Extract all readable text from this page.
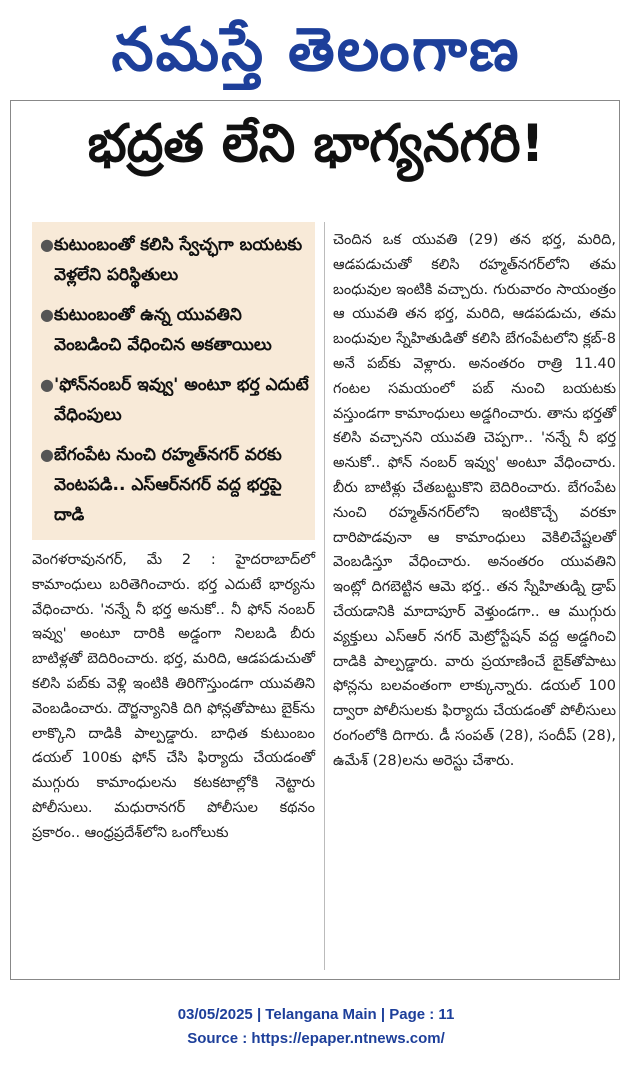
నమస్తే తెలంగాణ
భద్రత లేని భాగ్యనగరి!
● కుటుంబంతో కలిసి స్వేచ్ఛగా బయటకు వెళ్లలేని పరిస్థితులు
● కుటుంబంతో ఉన్న యువతిని వెంబడించి వేధించిన అకతాయిలు
● 'ఫోన్‌నంబర్ ఇవ్వు' అంటూ భర్త ఎదుటే వేధింపులు
● బేగంపేట నుంచి రహ్మత్‌నగర్ వరకు వెంటపడి.. ఎస్‌ఆర్‌నగర్ వద్ద భర్తపై దాడి

వెంగళరావునగర్, మే 2 : హైదరాబాద్‌లో కామాంధులు బరితెగించారు. భర్త ఎదుటే భార్యను వేధించారు. 'నన్నే నీ భర్త అనుకో.. నీ ఫోన్ నంబర్ ఇవ్వు' అంటూ దారికి అడ్డంగా నిలబడి బీరు బాటిళ్లతో బెదిరించారు. భర్త, మరిది, ఆడపడుచుతో కలిసి పబ్‌కు వెళ్లి ఇంటికి తిరిగొస్తుండగా యువతిని వెంబడించారు. దౌర్జన్యానికి దిగి ఫోన్లతోపాటు బైక్‌ను లాక్కొని దాడికి పాల్పడ్డారు. బాధిత కుటుంబం డయల్ 100కు ఫోన్ చేసి ఫిర్యాదు చేయడంతో ముగ్గురు కామాంధులను కటకటాల్లోకి నెట్టారు పోలీసులు. మధురానగర్ పోలీసుల కథనం ప్రకారం.. ఆంధ్రప్రదేశ్‌లోని ఒంగోలుకు

చెందిన ఒక యువతి (29) తన భర్త, మరిది, ఆడపడుచుతో కలిసి రహ్మత్‌నగర్‌లోని తమ బంధువుల ఇంటికి వచ్చారు. గురువారం సాయంత్రం ఆ యువతి తన భర్త, మరిది, ఆడపడుచు, తమ బంధువుల స్నేహితుడితో కలిసి బేగంపేటలోని క్లబ్-8 అనే పబ్‌కు వెళ్లారు. అనంతరం రాత్రి 11.40 గంటల సమయంలో పబ్ నుంచి బయటకు వస్తుండగా కామాంధులు అడ్డగించారు. తాను భర్తతో కలిసి వచ్చానని యువతి చెప్పగా.. 'నన్నే నీ భర్త అనుకో.. ఫోన్ నంబర్ ఇవ్వు' అంటూ వేధించారు. బీరు బాటిళ్లు చేతబట్టుకొని బెదిరించారు. బేగంపేట నుంచి రహ్మత్‌నగర్‌లోని ఇంటికొచ్చే వరకూ దారిపొడవునా ఆ కామాంధులు వెకిలిచేష్టలతో వెంబడిస్తూ వేధించారు. అనంతరం యువతిని ఇంట్లో దిగబెట్టిన ఆమె భర్త.. తన స్నేహితుడ్ని డ్రాప్ చేయడానికి మాదాపూర్ వెళ్తుండగా.. ఆ ముగ్గురు వ్యక్తులు ఎస్‌ఆర్ నగర్ మెట్రోస్టేషన్ వద్ద అడ్డగించి దాడికి పాల్పడ్డారు. వారు ప్రయాణించే బైక్‌తోపాటు ఫోన్లను బలవంతంగా లాక్కున్నారు. డయల్ 100 ద్వారా పోలీసులకు ఫిర్యాదు చేయడంతో పోలీసులు రంగంలోకి దిగారు. డీ సంపత్ (28), సందీప్ (28), ఉమేశ్ (28)లను అరెస్టు చేశారు.

03/05/2025 | Telangana Main | Page : 11
Source : https://epaper.ntnews.com/
